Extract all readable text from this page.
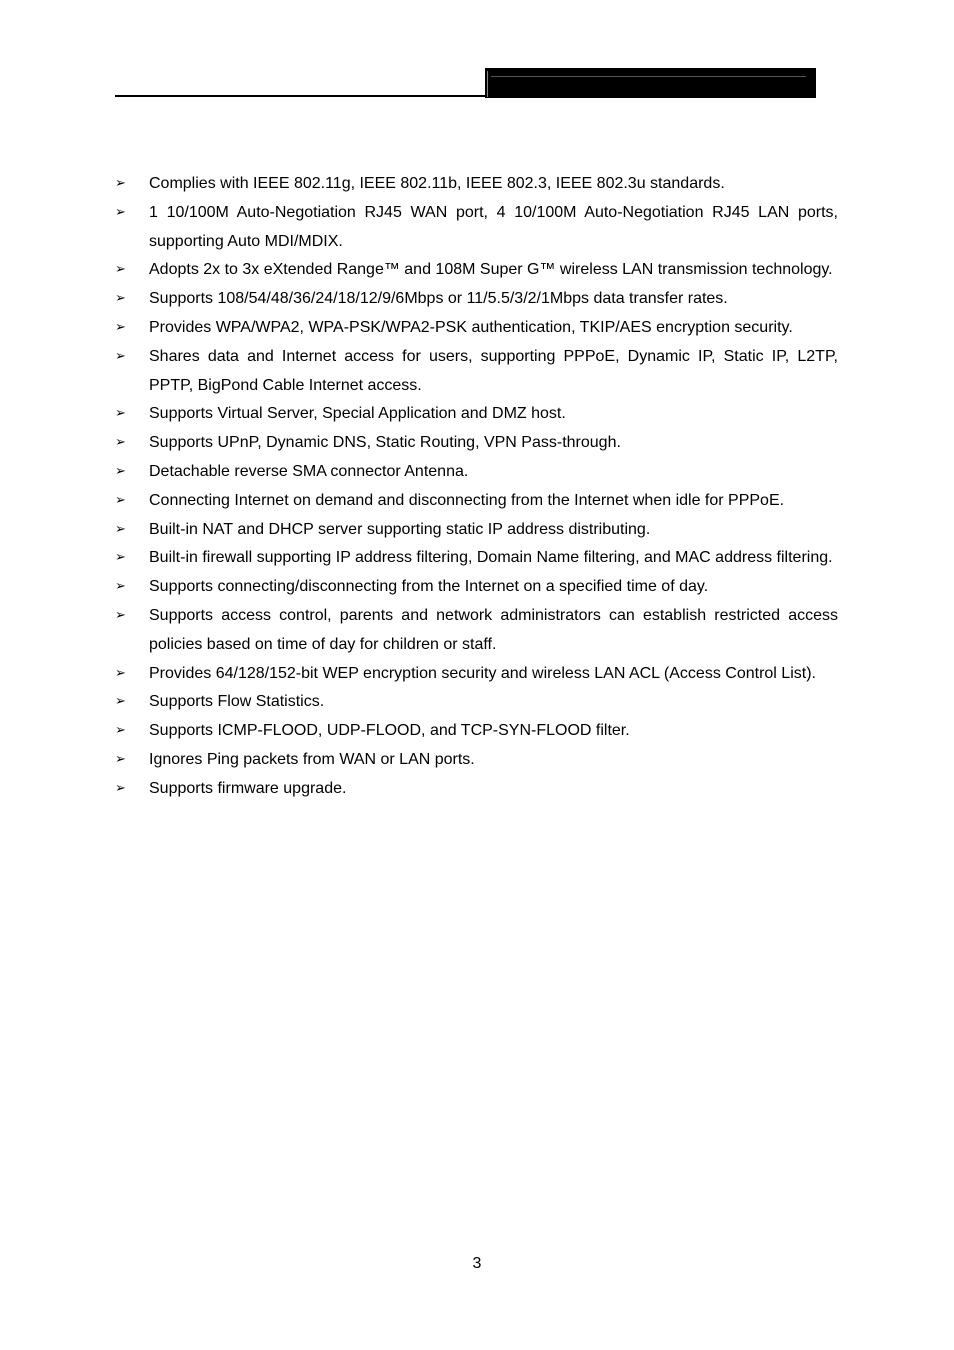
➢ Complies with IEEE 802.11g, IEEE 802.11b, IEEE 802.3, IEEE 802.3u standards.
➢ 1 10/100M Auto-Negotiation RJ45 WAN port, 4 10/100M Auto-Negotiation RJ45 LAN ports, supporting Auto MDI/MDIX.
➢ Adopts 2x to 3x eXtended Range™ and 108M Super G™ wireless LAN transmission technology.
➢ Supports 108/54/48/36/24/18/12/9/6Mbps or 11/5.5/3/2/1Mbps data transfer rates.
➢ Provides WPA/WPA2, WPA-PSK/WPA2-PSK authentication, TKIP/AES encryption security.
➢ Shares data and Internet access for users, supporting PPPoE, Dynamic IP, Static IP, L2TP, PPTP, BigPond Cable Internet access.
➢ Supports Virtual Server, Special Application and DMZ host.
➢ Supports UPnP, Dynamic DNS, Static Routing, VPN Pass-through.
➢ Detachable reverse SMA connector Antenna.
➢ Connecting Internet on demand and disconnecting from the Internet when idle for PPPoE.
➢ Built-in NAT and DHCP server supporting static IP address distributing.
➢ Built-in firewall supporting IP address filtering, Domain Name filtering, and MAC address filtering.
➢ Supports connecting/disconnecting from the Internet on a specified time of day.
➢ Supports access control, parents and network administrators can establish restricted access policies based on time of day for children or staff.
➢ Provides 64/128/152-bit WEP encryption security and wireless LAN ACL (Access Control List).
➢ Supports Flow Statistics.
➢ Supports ICMP-FLOOD, UDP-FLOOD, and TCP-SYN-FLOOD filter.
➢ Ignores Ping packets from WAN or LAN ports.
➢ Supports firmware upgrade.
3
